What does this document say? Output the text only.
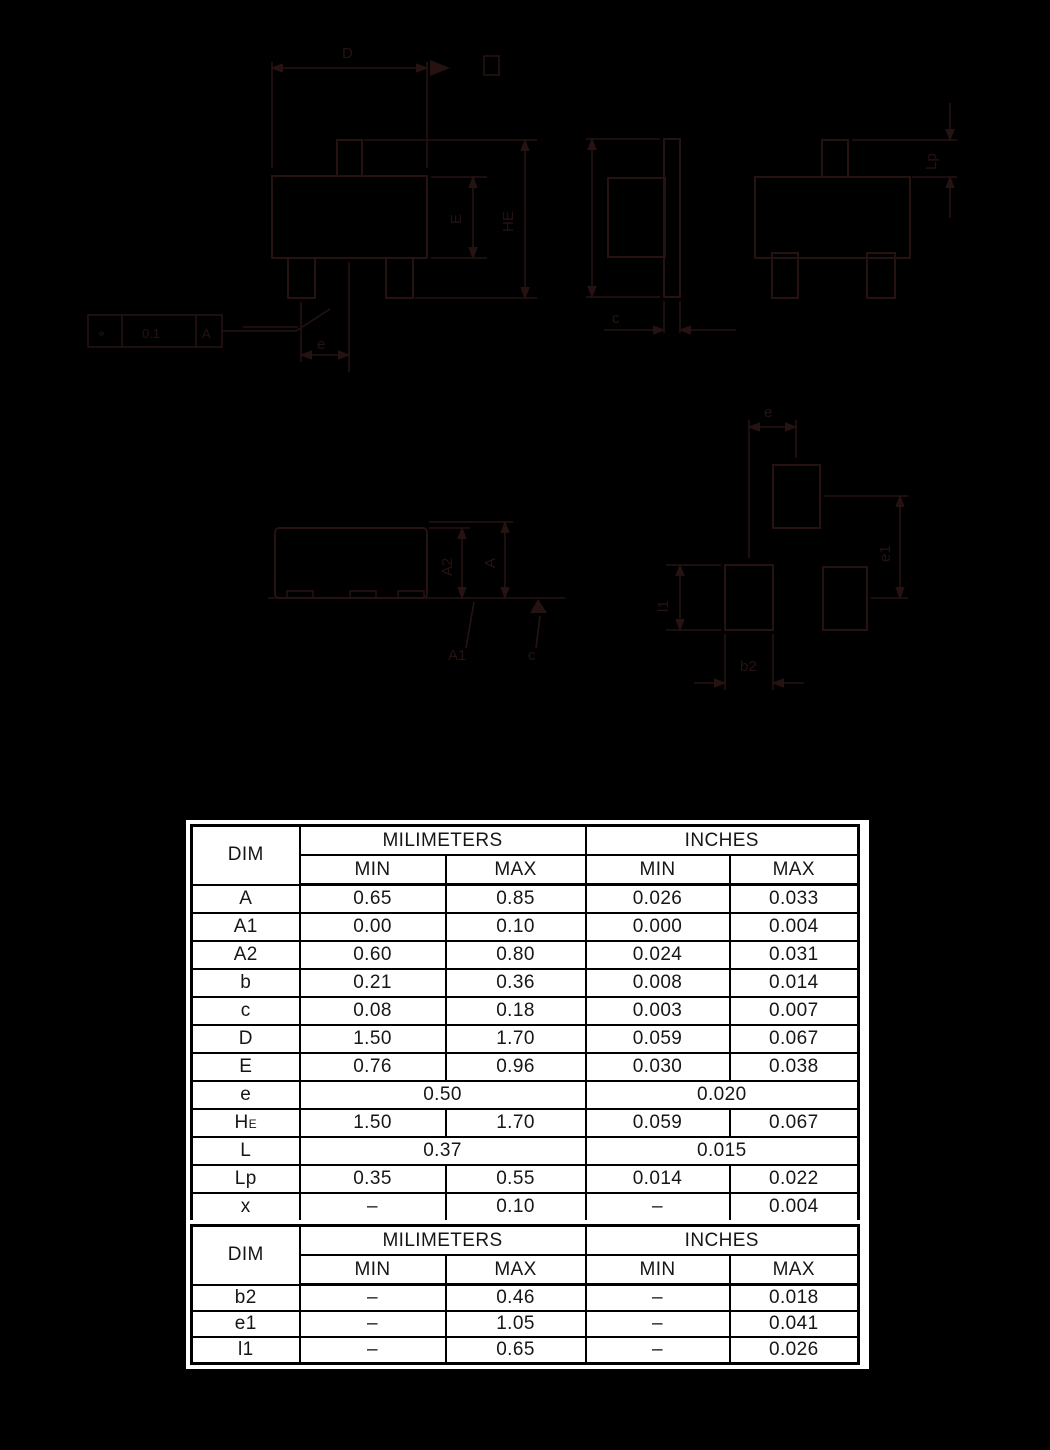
D
E HE
e
⌖	0.1	A
c
Lp
A2 A
A1	c
e
e1
l1
b2
DIM	MILIMETERS		INCHES	
	MIN	MAX	MIN	MAX
A	0.65	0.85	0.026	0.033
A1	0.00	0.10	0.000	0.004
A2	0.60	0.80	0.024	0.031
b	0.21	0.36	0.008	0.014
c	0.08	0.18	0.003	0.007
D	1.50	1.70	0.059	0.067
E	0.76	0.96	0.030	0.038
e	0.50		0.020	
HE	1.50	1.70	0.059	0.067
L	0.37		0.015	
Lp	0.35	0.55	0.014	0.022
x	–	0.10	–	0.004
DIM	MILIMETERS		INCHES	
	MIN	MAX	MIN	MAX
b2	–	0.46	–	0.018
e1	–	1.05	–	0.041
l1	–	0.65	–	0.026
